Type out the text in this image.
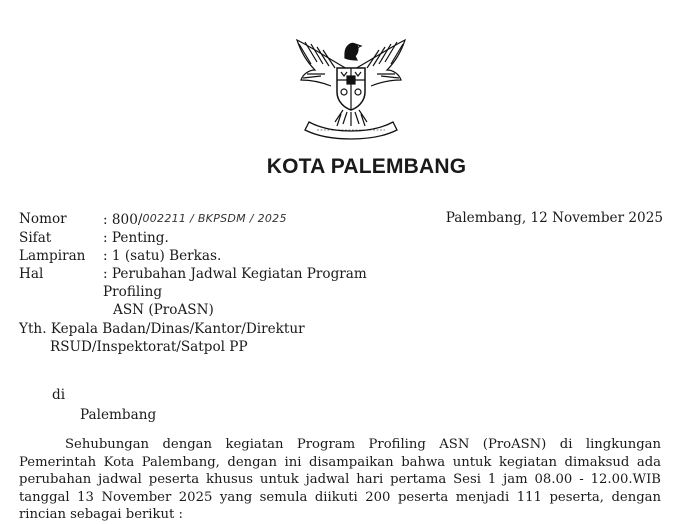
KOTA PALEMBANG
Nomor	: 800/002211 / BKPSDM / 2025
Sifat	: Penting.
Lampiran	: 1 (satu) Berkas.
Hal	: Perubahan Jadwal Kegiatan Program Profiling
ASN (ProASN)
Palembang, 12 November 2025
Yth. Kepala Badan/Dinas/Kantor/Direktur
RSUD/Inspektorat/Satpol PP
di
Palembang
Sehubungan dengan kegiatan Program Profiling ASN (ProASN) di lingkungan Pemerintah Kota Palembang, dengan ini disampaikan bahwa untuk kegiatan dimaksud ada perubahan jadwal peserta khusus untuk jadwal hari pertama Sesi 1 jam 08.00 - 12.00.WIB tanggal 13 November 2025 yang semula diikuti 200 peserta menjadi 111 peserta, dengan rincian sebagai berikut :
